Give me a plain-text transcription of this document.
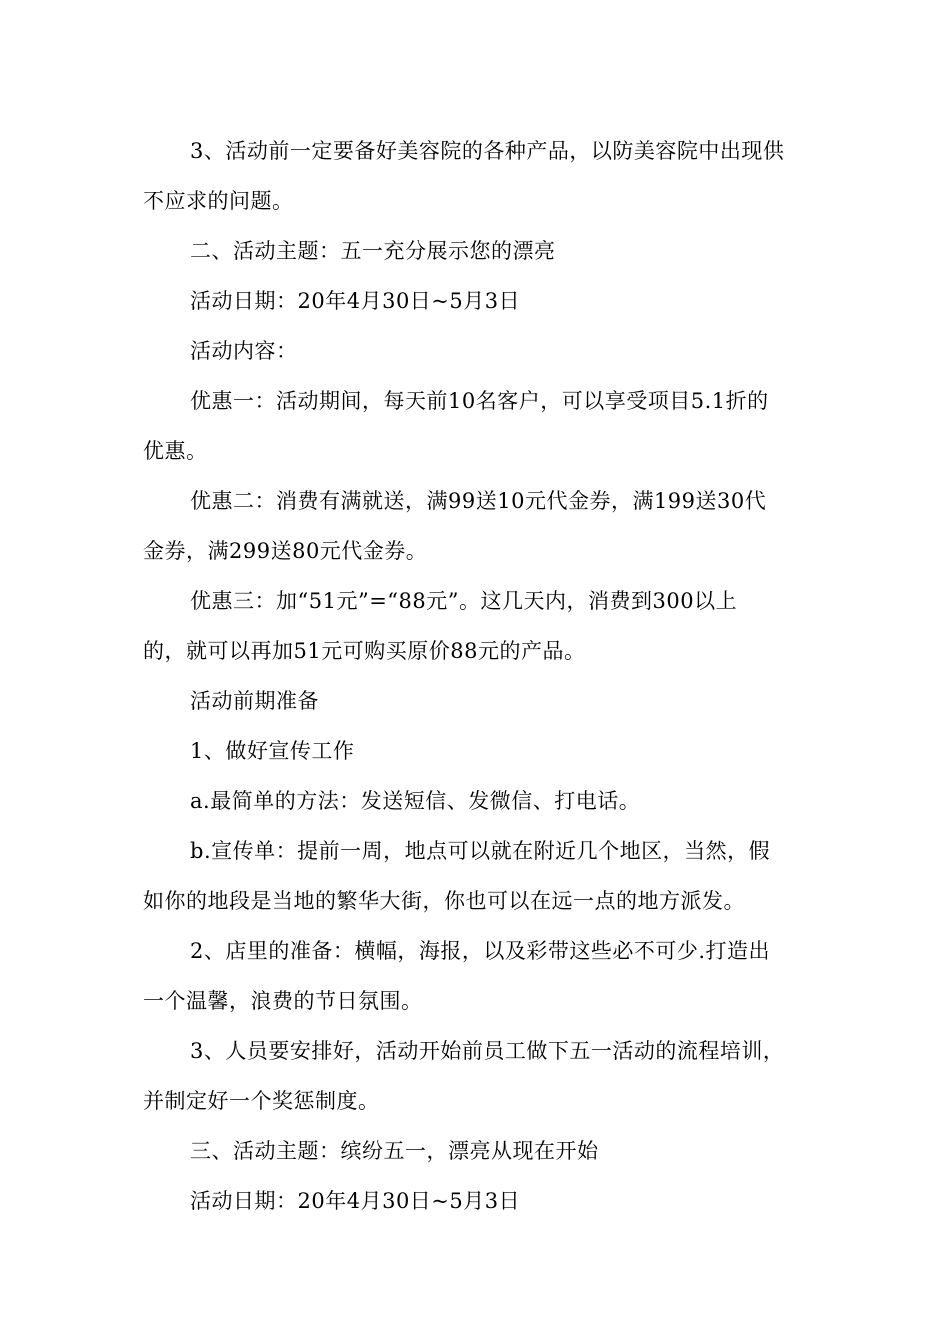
3、活动前一定要备好美容院的各种产品，以防美容院中出现供
不应求的问题。
二、活动主题：五一充分展示您的漂亮
活动日期：20年4月30日~5月3日
活动内容：
优惠一：活动期间，每天前10名客户，可以享受项目5.1折的
优惠。
优惠二：消费有满就送，满99送10元代金券，满199送30代
金券，满299送80元代金券。
优惠三：加“51元”=“88元”。这几天内，消费到300以上
的，就可以再加51元可购买原价88元的产品。
活动前期准备
1、做好宣传工作
a.最简单的方法：发送短信、发微信、打电话。
b.宣传单：提前一周，地点可以就在附近几个地区，当然，假
如你的地段是当地的繁华大街，你也可以在远一点的地方派发。
2、店里的准备：横幅，海报，以及彩带这些必不可少.打造出
一个温馨，浪费的节日氛围。
3、人员要安排好，活动开始前员工做下五一活动的流程培训，
并制定好一个奖惩制度。
三、活动主题：缤纷五一，漂亮从现在开始
活动日期：20年4月30日~5月3日
